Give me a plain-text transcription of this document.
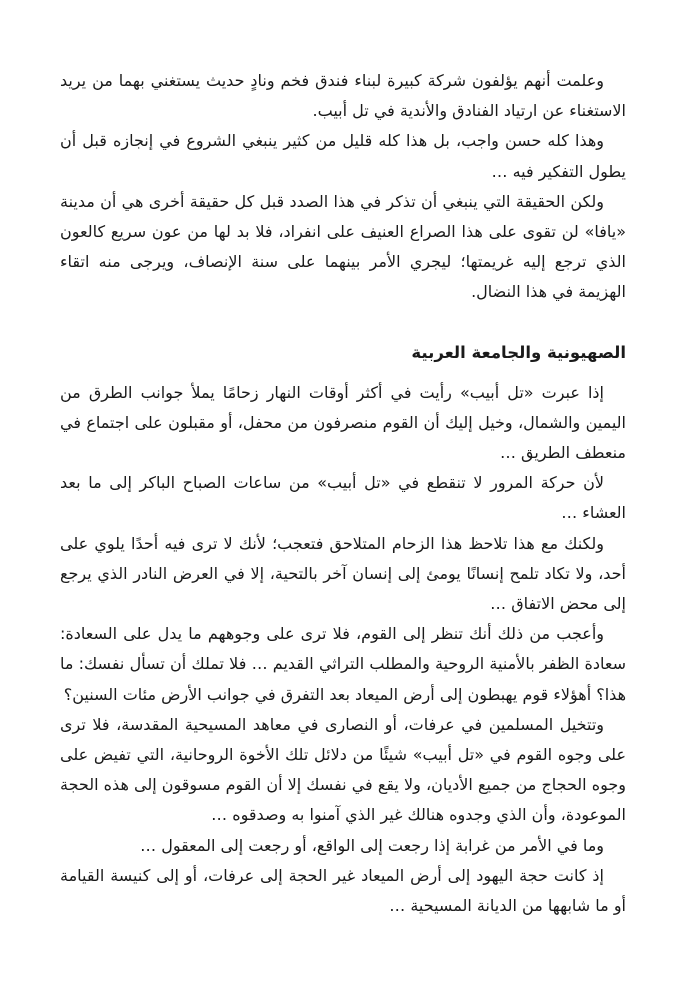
وعلمت أنهم يؤلفون شركة كبيرة لبناء فندق فخم ونادٍ حديث يستغني بهما من يريد الاستغناء عن ارتياد الفنادق والأندية في تل أبيب.

وهذا كله حسن واجب، بل هذا كله قليل من كثير ينبغي الشروع في إنجازه قبل أن يطول التفكير فيه …

ولكن الحقيقة التي ينبغي أن تذكر في هذا الصدد قبل كل حقيقة أخرى هي أن مدينة «يافا» لن تقوى على هذا الصراع العنيف على انفراد، فلا بد لها من عون سريع كالعون الذي ترجع إليه غريمتها؛ ليجري الأمر بينهما على سنة الإنصاف، ويرجى منه اتقاء الهزيمة في هذا النضال.

الصهيونية والجامعة العربية

إذا عبرت «تل أبيب» رأيت في أكثر أوقات النهار زحامًا يملأ جوانب الطرق من اليمين والشمال، وخيل إليك أن القوم منصرفون من محفل، أو مقبلون على اجتماع في منعطف الطريق …

لأن حركة المرور لا تنقطع في «تل أبيب» من ساعات الصباح الباكر إلى ما بعد العشاء …

ولكنك مع هذا تلاحظ هذا الزحام المتلاحق فتعجب؛ لأنك لا ترى فيه أحدًا يلوي على أحد، ولا تكاد تلمح إنسانًا يومئ إلى إنسان آخر بالتحية، إلا في العرض النادر الذي يرجع إلى محض الاتفاق …

وأعجب من ذلك أنك تنظر إلى القوم، فلا ترى على وجوههم ما يدل على السعادة: سعادة الظفر بالأمنية الروحية والمطلب التراثي القديم … فلا تملك أن تسأل نفسك: ما هذا؟ أهؤلاء قوم يهبطون إلى أرض الميعاد بعد التفرق في جوانب الأرض مئات السنين؟

وتتخيل المسلمين في عرفات، أو النصارى في معاهد المسيحية المقدسة، فلا ترى على وجوه القوم في «تل أبيب» شيئًا من دلائل تلك الأخوة الروحانية، التي تفيض على وجوه الحجاج من جميع الأديان، ولا يقع في نفسك إلا أن القوم مسوقون إلى هذه الحجة الموعودة، وأن الذي وجدوه هنالك غير الذي آمنوا به وصدقوه …

وما في الأمر من غرابة إذا رجعت إلى الواقع، أو رجعت إلى المعقول …

إذ كانت حجة اليهود إلى أرض الميعاد غير الحجة إلى عرفات، أو إلى كنيسة القيامة أو ما شابهها من الديانة المسيحية …
